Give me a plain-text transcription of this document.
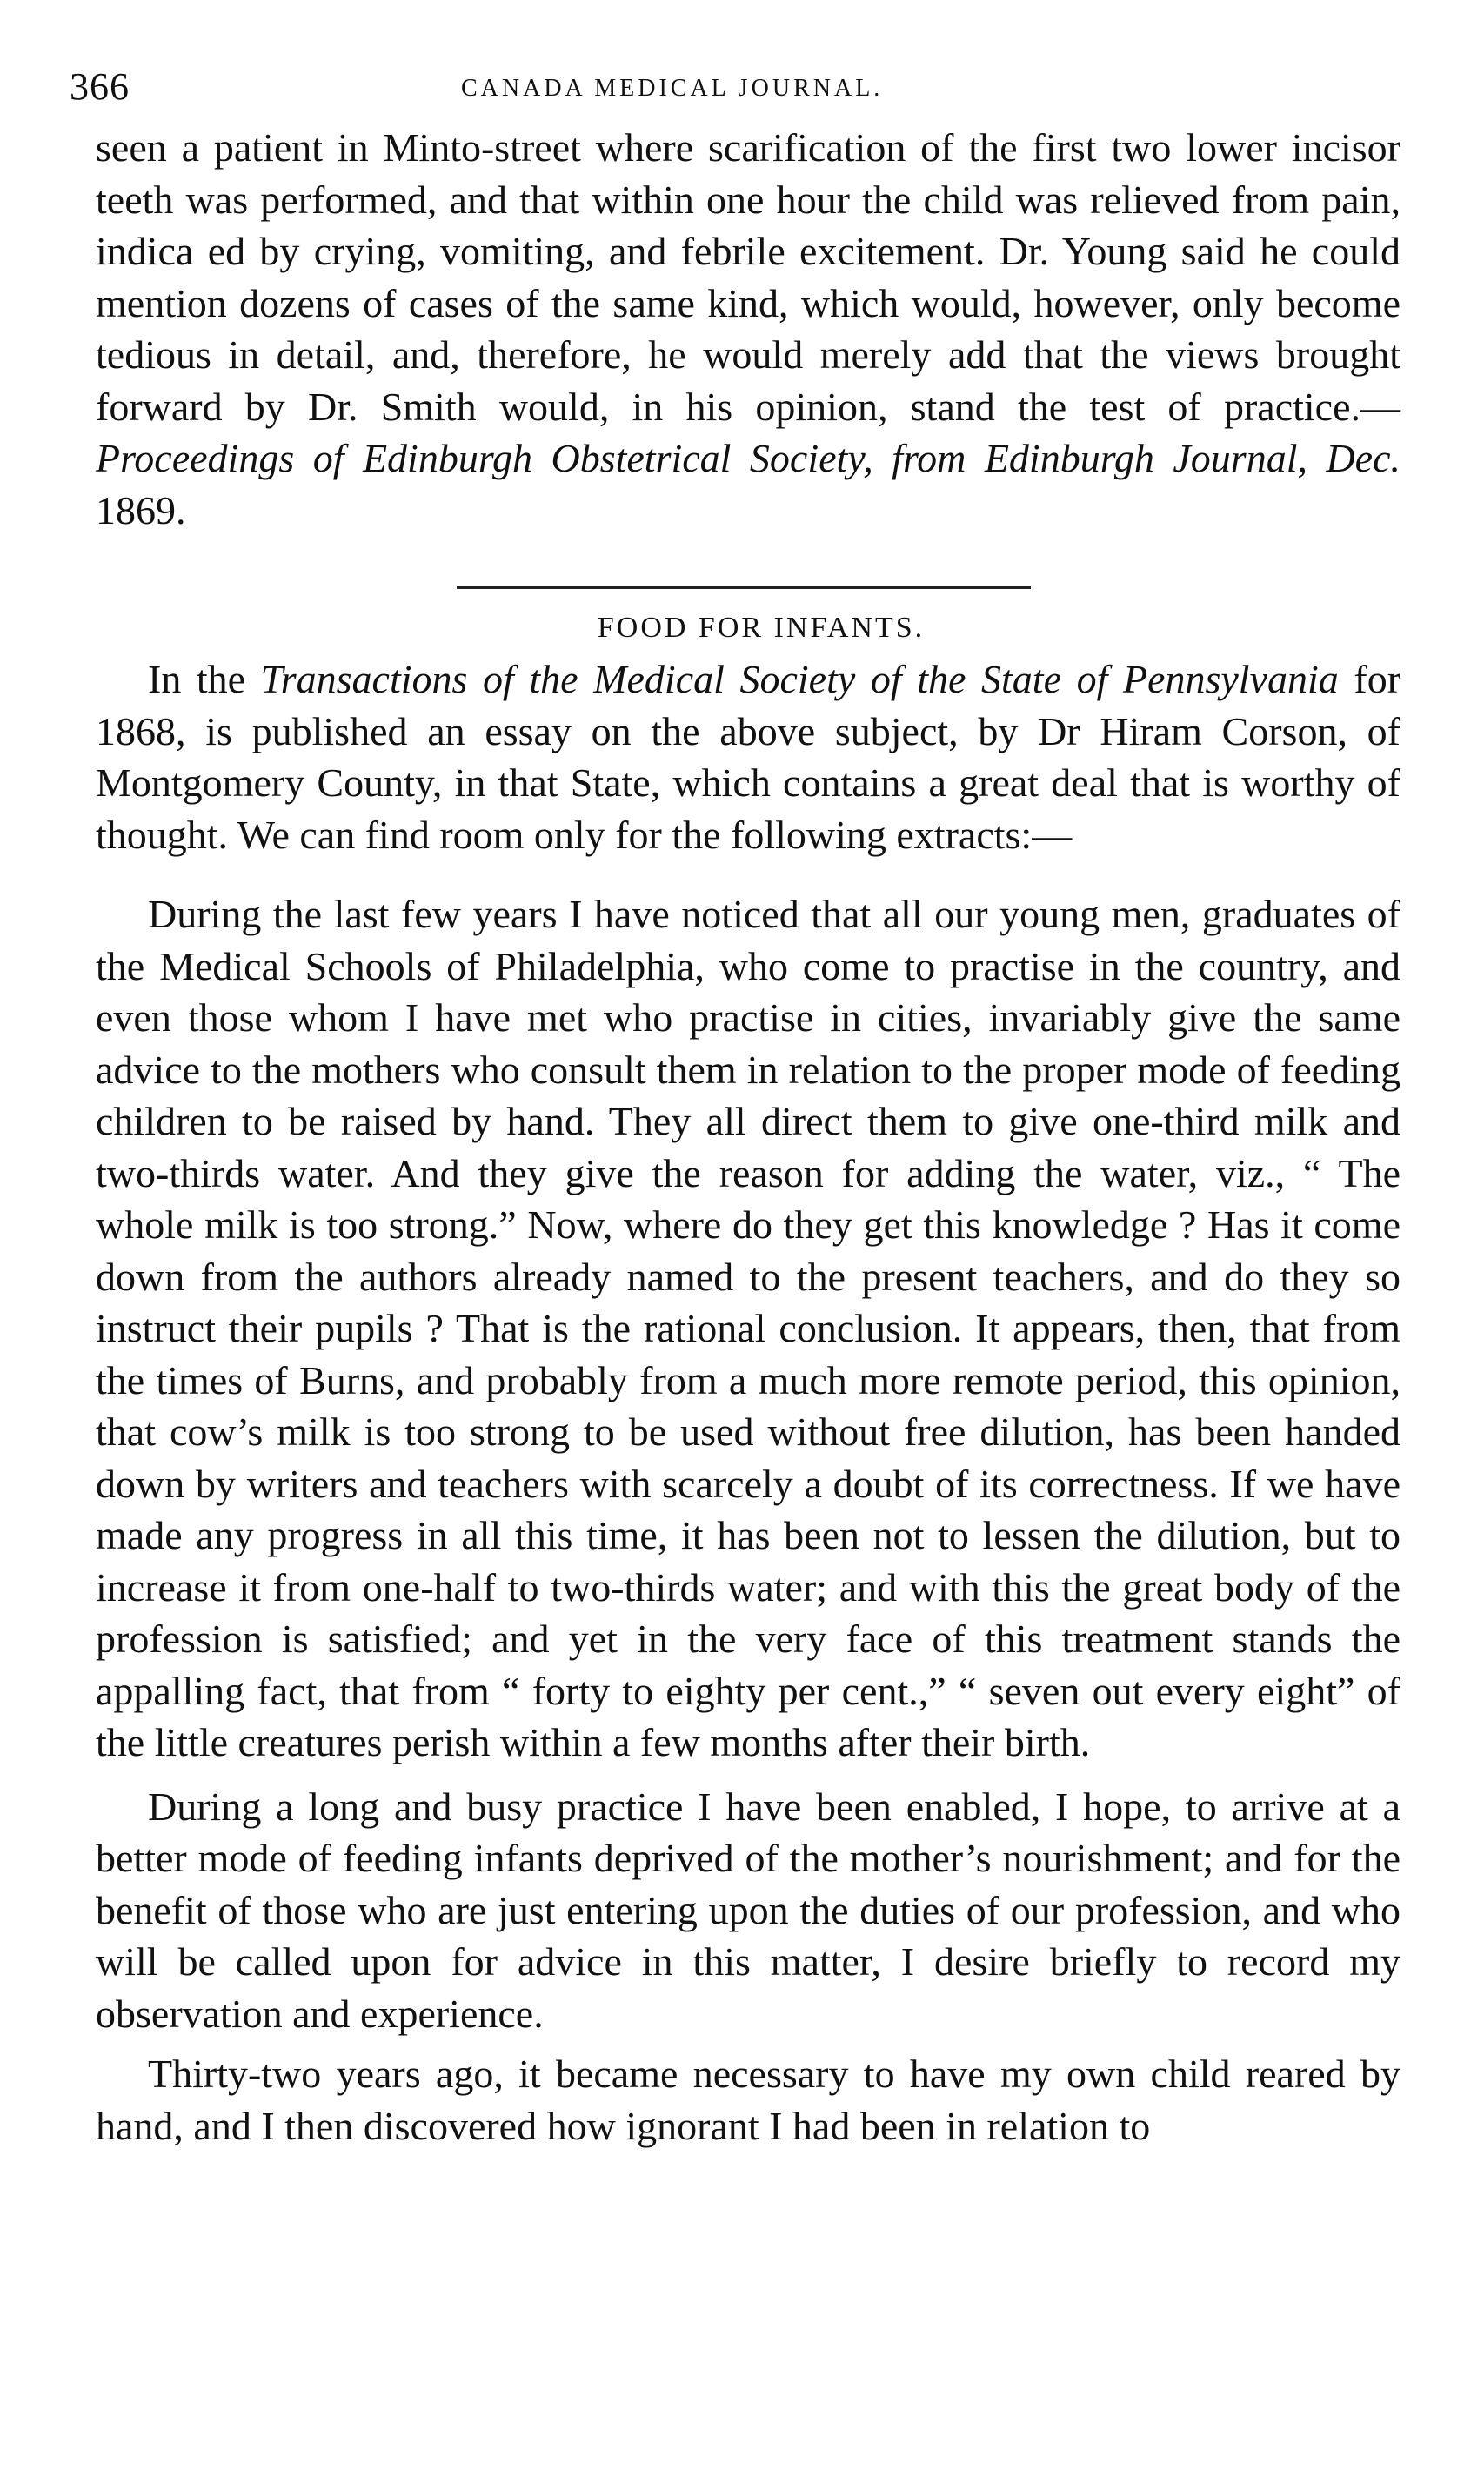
366	CANADA MEDICAL JOURNAL.

seen a patient in Minto-street where scarification of the first two lower incisor teeth was performed, and that within one hour the child was relieved from pain, indica ed by crying, vomiting, and febrile excitement. Dr. Young said he could mention dozens of cases of the same kind, which would, however, only become tedious in detail, and, therefore, he would merely add that the views brought forward by Dr. Smith would, in his opinion, stand the test of practice.—Proceedings of Edinburgh Obstetrical Society, from Edinburgh Journal, Dec. 1869.

FOOD FOR INFANTS.

In the Transactions of the Medical Society of the State of Pennsylvania for 1868, is published an essay on the above subject, by Dr Hiram Corson, of Montgomery County, in that State, which contains a great deal that is worthy of thought. We can find room only for the following extracts:—

During the last few years I have noticed that all our young men, graduates of the Medical Schools of Philadelphia, who come to practise in the country, and even those whom I have met who practise in cities, invariably give the same advice to the mothers who consult them in relation to the proper mode of feeding children to be raised by hand. They all direct them to give one-third milk and two-thirds water. And they give the reason for adding the water, viz., “ The whole milk is too strong.” Now, where do they get this knowledge ? Has it come down from the authors already named to the present teachers, and do they so instruct their pupils ? That is the rational conclusion. It appears, then, that from the times of Burns, and probably from a much more remote period, this opinion, that cow’s milk is too strong to be used without free dilution, has been handed down by writers and teachers with scarcely a doubt of its correctness. If we have made any progress in all this time, it has been not to lessen the dilution, but to increase it from one-half to two-thirds water; and with this the great body of the profession is satisfied; and yet in the very face of this treatment stands the appalling fact, that from “ forty to eighty per cent.,” “ seven out every eight” of the little creatures perish within a few months after their birth.

During a long and busy practice I have been enabled, I hope, to arrive at a better mode of feeding infants deprived of the mother’s nourishment; and for the benefit of those who are just entering upon the duties of our profession, and who will be called upon for advice in this matter, I desire briefly to record my observation and experience.

Thirty-two years ago, it became necessary to have my own child reared by hand, and I then discovered how ignorant I had been in relation to
